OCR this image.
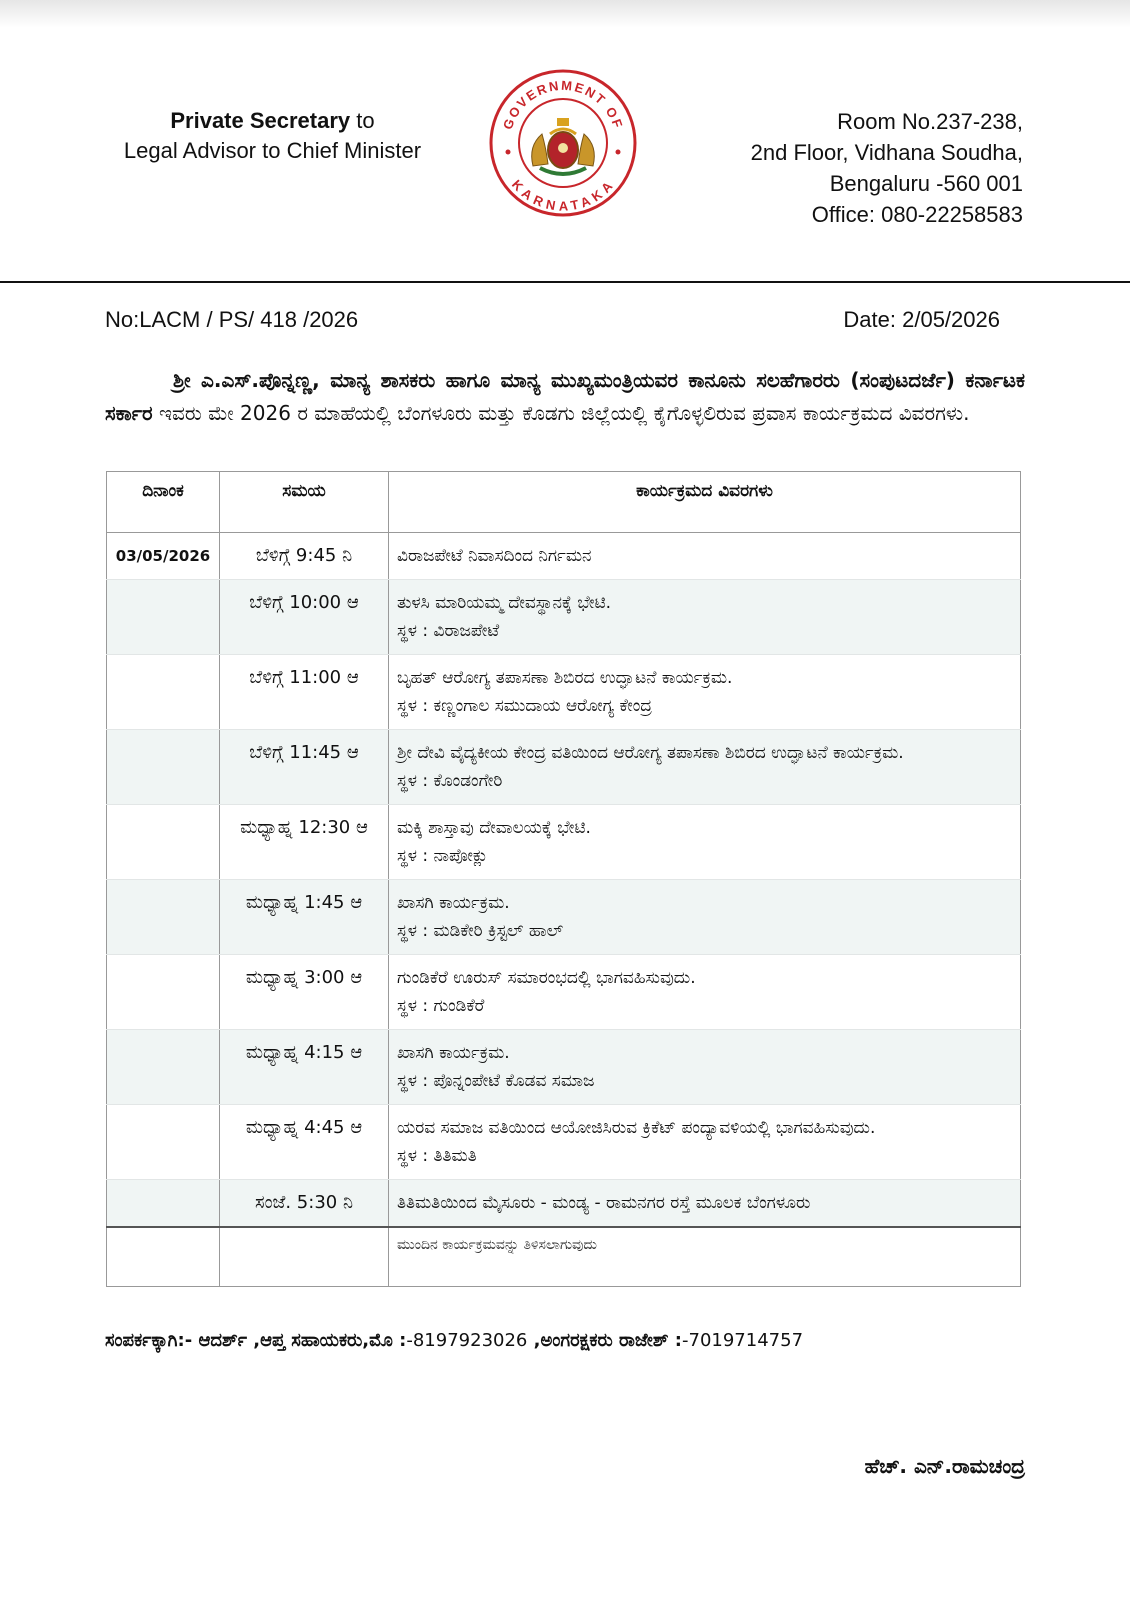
Private Secretary to
Legal Advisor to Chief Minister
GOVERNMENT OF
KARNATAKA
Room No.237-238,
2nd Floor, Vidhana Soudha,
Bengaluru -560 001
Office: 080-22258583
No:LACM / PS/ 418 /2026	Date: 2/05/2026
ಶ್ರೀ ಎ.ಎಸ್.ಪೊನ್ನಣ್ಣ, ಮಾನ್ಯ ಶಾಸಕರು ಹಾಗೂ ಮಾನ್ಯ ಮುಖ್ಯಮಂತ್ರಿಯವರ ಕಾನೂನು ಸಲಹೆಗಾರರು (ಸಂಪುಟದರ್ಜೆ) ಕರ್ನಾಟಕ ಸರ್ಕಾರ ಇವರು ಮೇ 2026 ರ ಮಾಹೆಯಲ್ಲಿ ಬೆಂಗಳೂರು ಮತ್ತು ಕೊಡಗು ಜಿಲ್ಲೆಯಲ್ಲಿ ಕೈಗೊಳ್ಳಲಿರುವ ಪ್ರವಾಸ ಕಾರ್ಯಕ್ರಮದ ವಿವರಗಳು.
ದಿನಾಂಕ	ಸಮಯ	ಕಾರ್ಯಕ್ರಮದ ವಿವರಗಳು
03/05/2026	ಬೆಳಿಗ್ಗೆ 9:45 ನಿ	ವಿರಾಜಪೇಟೆ ನಿವಾಸದಿಂದ ನಿರ್ಗಮನ

	ಬೆಳಿಗ್ಗೆ 10:00 ಆ	ತುಳಸಿ ಮಾರಿಯಮ್ಮ ದೇವಸ್ಥಾನಕ್ಕೆ ಭೇಟಿ.
ಸ್ಥಳ : ವಿರಾಜಪೇಟೆ

	ಬೆಳಿಗ್ಗೆ 11:00 ಆ	ಬೃಹತ್ ಆರೋಗ್ಯ ತಪಾಸಣಾ ಶಿಬಿರದ ಉದ್ಘಾಟನೆ ಕಾರ್ಯಕ್ರಮ.
ಸ್ಥಳ : ಕಣ್ಣಂಗಾಲ ಸಮುದಾಯ ಆರೋಗ್ಯ ಕೇಂದ್ರ

	ಬೆಳಿಗ್ಗೆ 11:45 ಆ	ಶ್ರೀ ದೇವಿ ವೈದ್ಯಕೀಯ ಕೇಂದ್ರ ವತಿಯಿಂದ ಆರೋಗ್ಯ ತಪಾಸಣಾ ಶಿಬಿರದ ಉದ್ಘಾಟನೆ ಕಾರ್ಯಕ್ರಮ.
ಸ್ಥಳ : ಕೊಂಡಂಗೇರಿ

	ಮಧ್ಯಾಹ್ನ 12:30 ಆ	ಮಕ್ಕಿ ಶಾಸ್ತಾವು ದೇವಾಲಯಕ್ಕೆ ಭೇಟಿ.
ಸ್ಥಳ : ನಾಪೋಕ್ಲು

	ಮಧ್ಯಾಹ್ನ 1:45 ಆ	ಖಾಸಗಿ ಕಾರ್ಯಕ್ರಮ.
ಸ್ಥಳ : ಮಡಿಕೇರಿ ಕ್ರಿಸ್ಟಲ್ ಹಾಲ್

	ಮಧ್ಯಾಹ್ನ 3:00 ಆ	ಗುಂಡಿಕೆರೆ ಊರುಸ್ ಸಮಾರಂಭದಲ್ಲಿ ಭಾಗವಹಿಸುವುದು.
ಸ್ಥಳ : ಗುಂಡಿಕೆರೆ

	ಮಧ್ಯಾಹ್ನ 4:15 ಆ	ಖಾಸಗಿ ಕಾರ್ಯಕ್ರಮ.
ಸ್ಥಳ : ಪೊನ್ನಂಪೇಟೆ ಕೊಡವ ಸಮಾಜ

	ಮಧ್ಯಾಹ್ನ 4:45 ಆ	ಯರವ ಸಮಾಜ ವತಿಯಿಂದ ಆಯೋಜಿಸಿರುವ ಕ್ರಿಕೆಟ್ ಪಂದ್ಯಾವಳಿಯಲ್ಲಿ ಭಾಗವಹಿಸುವುದು.
ಸ್ಥಳ : ತಿತಿಮತಿ

	ಸಂಜೆ. 5:30 ನಿ	ತಿತಿಮತಿಯಿಂದ ಮೈಸೂರು - ಮಂಡ್ಯ - ರಾಮನಗರ ರಸ್ತೆ ಮೂಲಕ ಬೆಂಗಳೂರು

		ಮುಂದಿನ ಕಾರ್ಯಕ್ರಮವನ್ನು ತಿಳಿಸಲಾಗುವುದು
ಸಂಪರ್ಕಕ್ಕಾಗಿ:- ಆದರ್ಶ್ ,ಆಪ್ತ ಸಹಾಯಕರು,ಮೊ :-8197923026 ,ಅಂಗರಕ್ಷಕರು ರಾಜೇಶ್ :-7019714757
ಹೆಚ್. ಎನ್.ರಾಮಚಂದ್ರ
